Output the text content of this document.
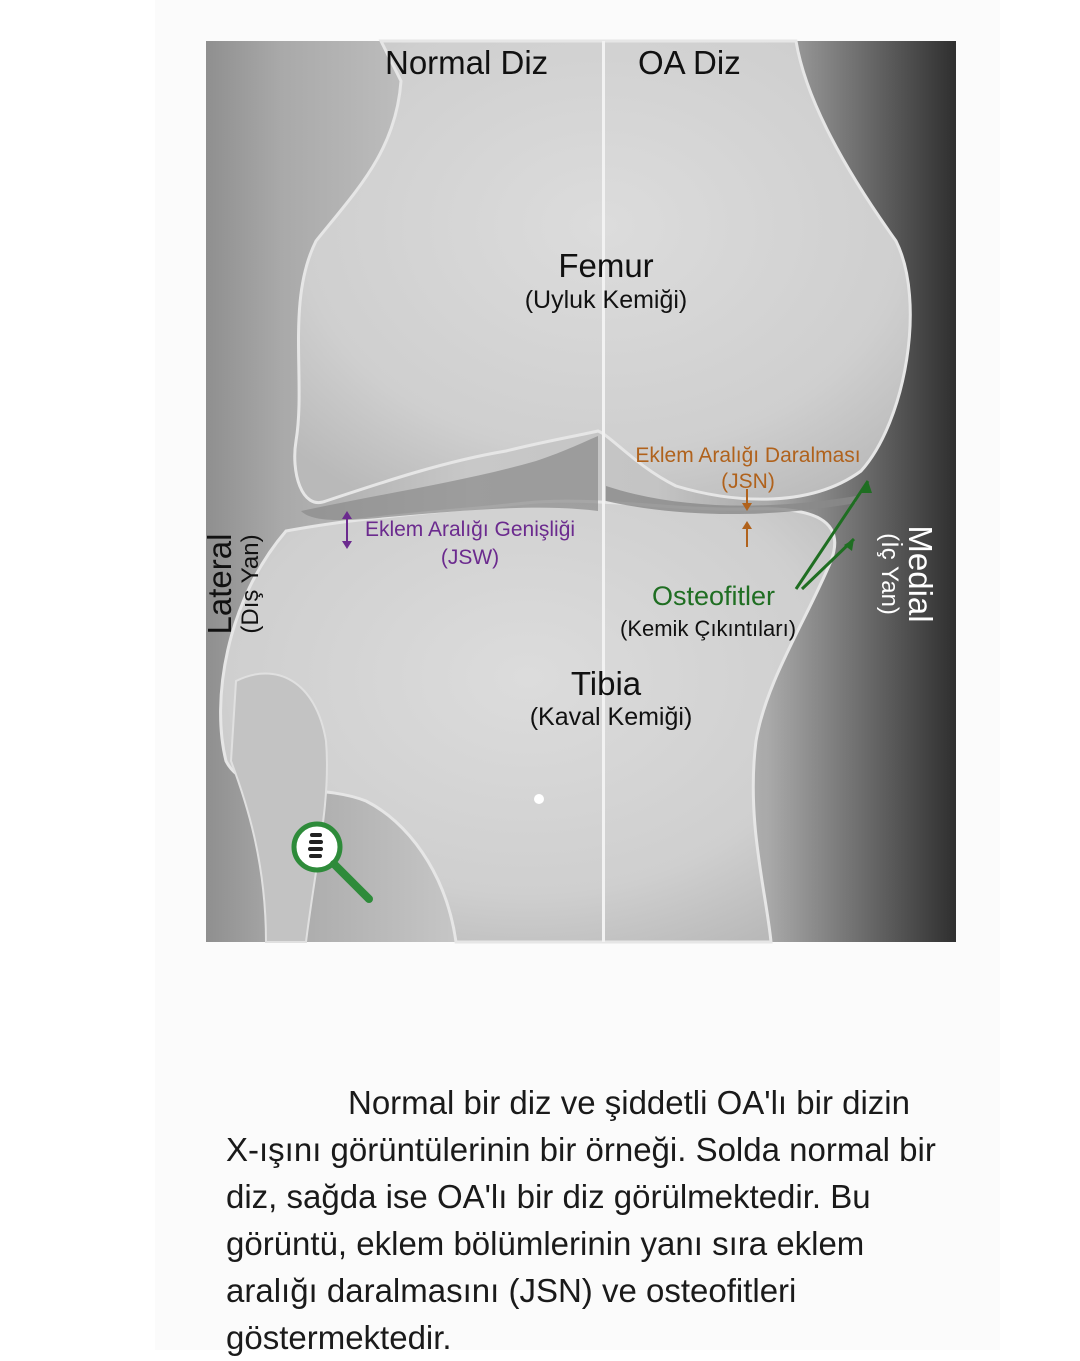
Normal Diz	OA Diz
Femur
(Uyluk Kemiği)
Tibia
(Kaval Kemiği)
Eklem Aralığı Genişliği
(JSW)
Eklem Aralığı Daralması
(JSN)
Osteofitler
(Kemik Çıkıntıları)
Lateral (Dış Yan)	Medial
(İç Yan)

Normal bir diz ve şiddetli OA'lı bir dizin X-ışını görüntülerinin bir örneği. Solda normal bir diz, sağda ise OA'lı bir diz görülmektedir. Bu görüntü, eklem bölümlerinin yanı sıra eklem aralığı daralmasını (JSN) ve osteofitleri göstermektedir.
